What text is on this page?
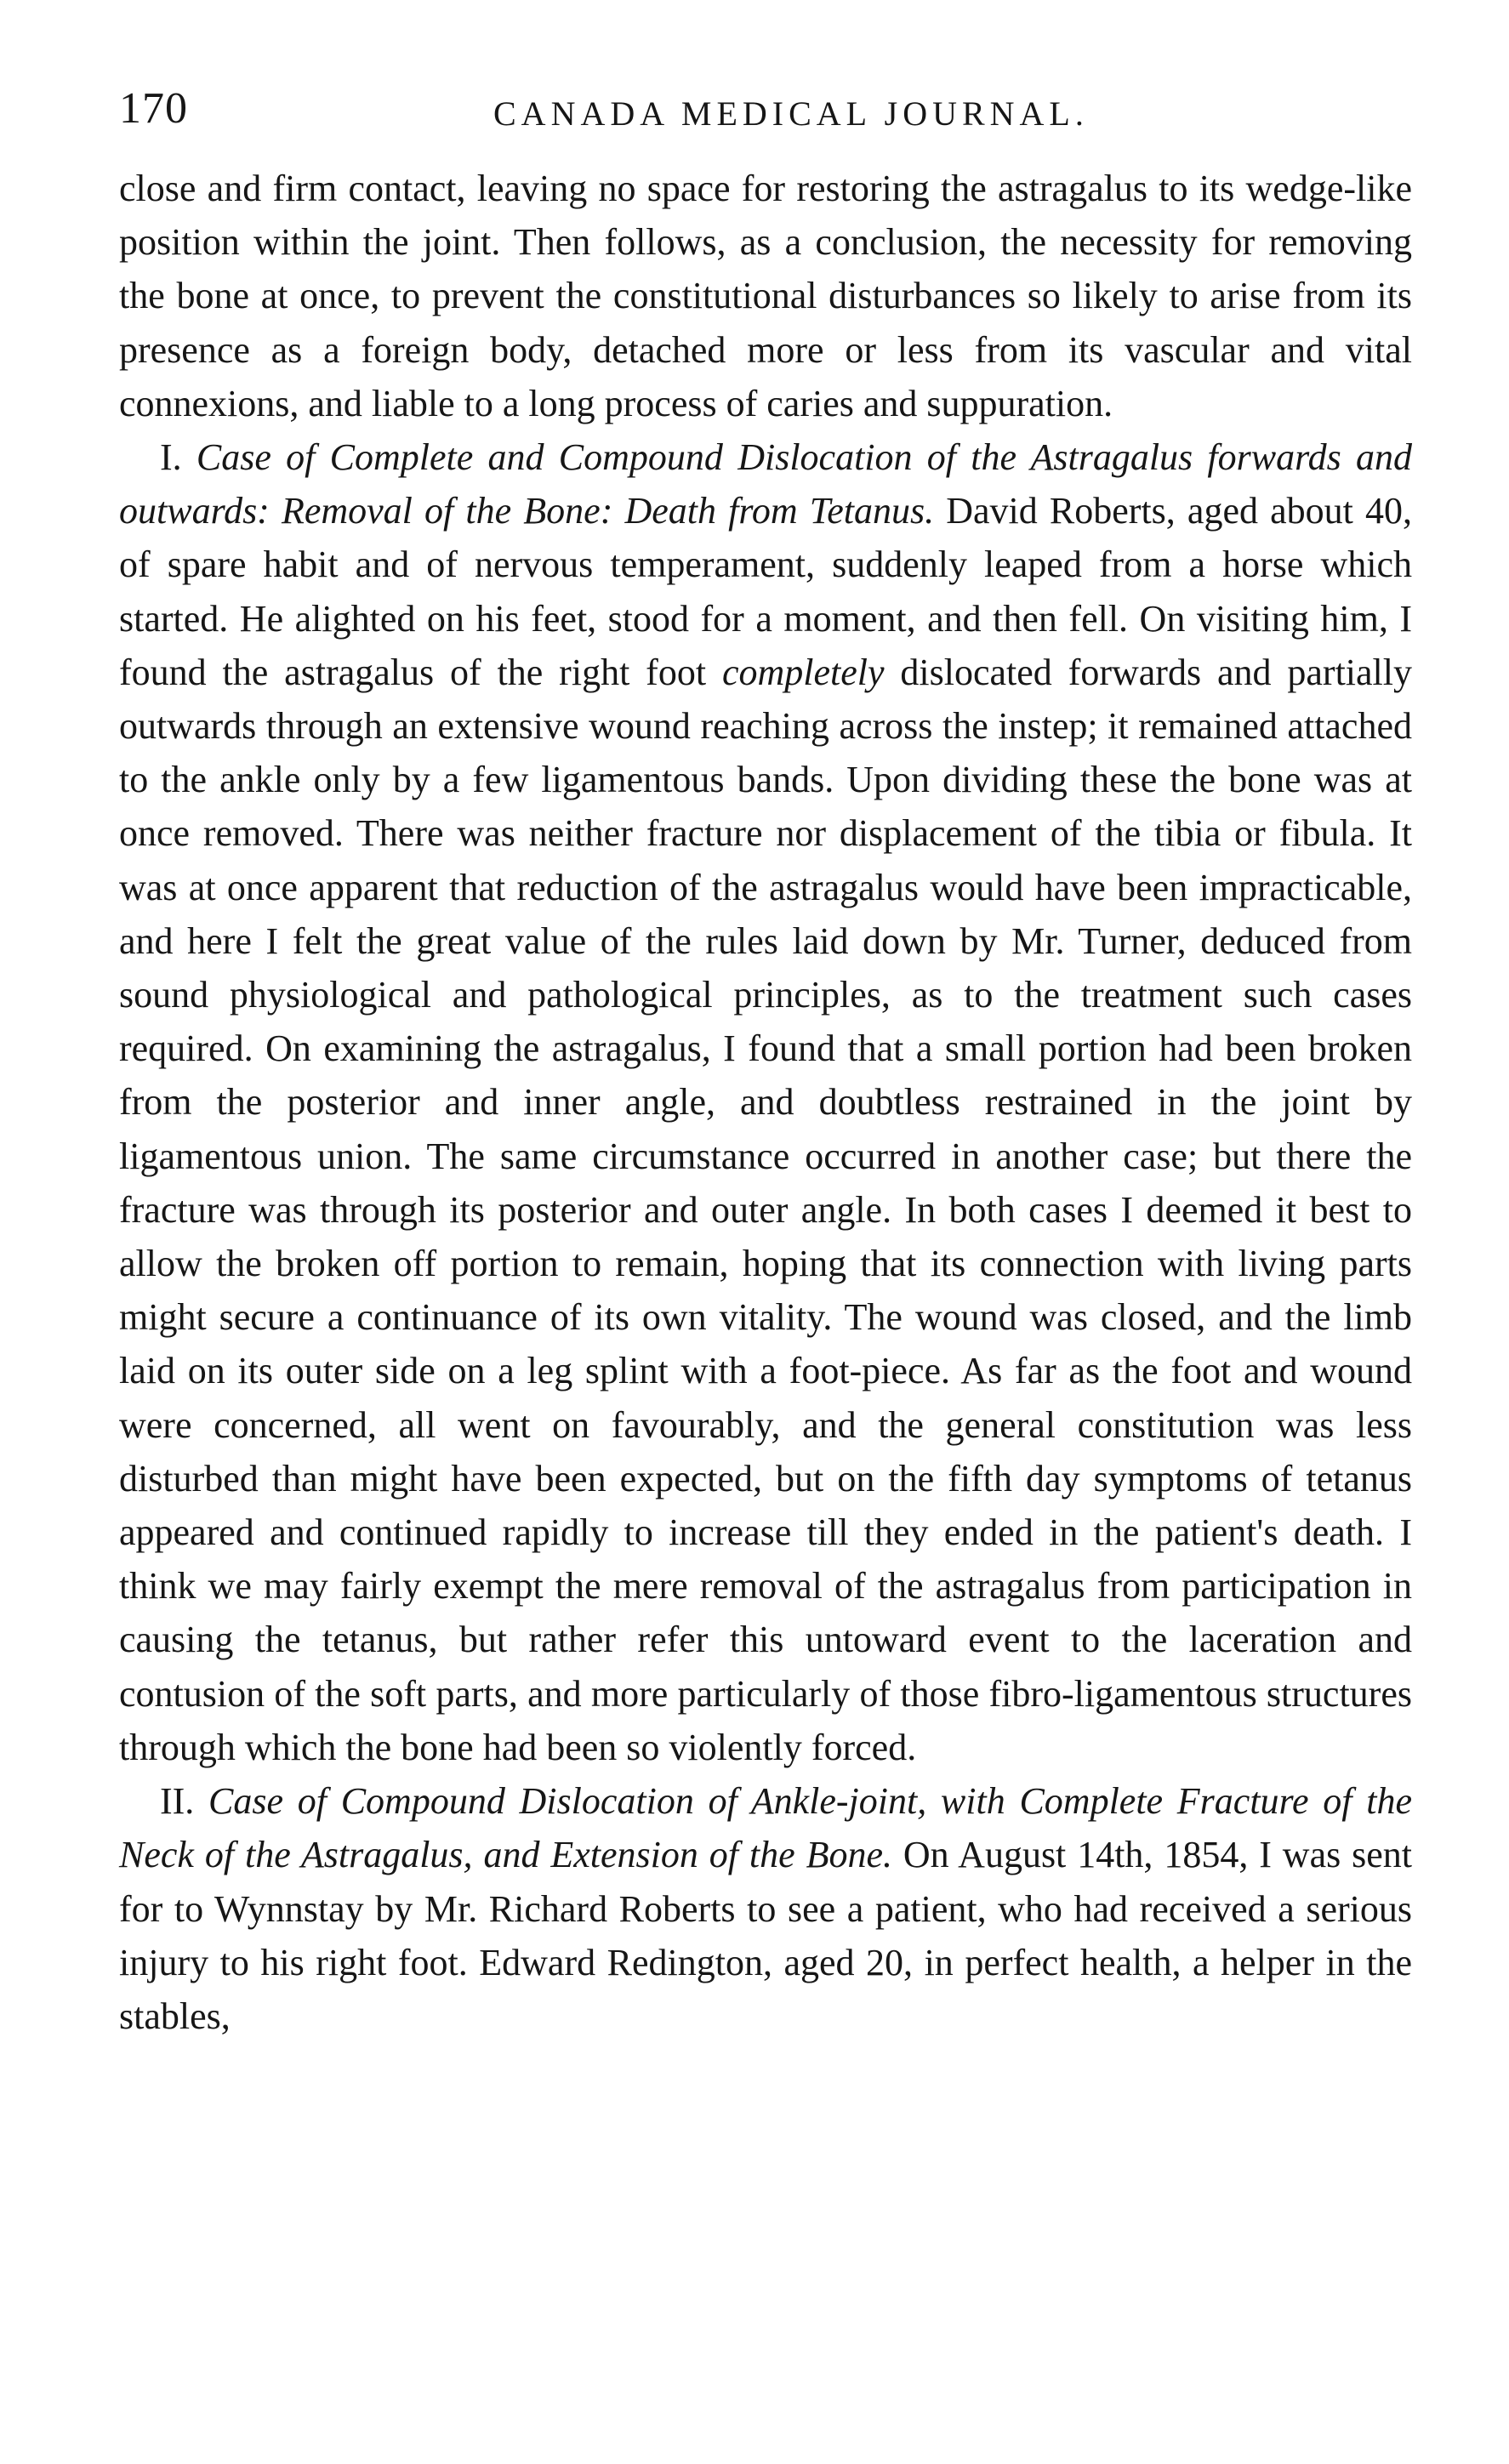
170	CANADA MEDICAL JOURNAL.

close and firm contact, leaving no space for restoring the astragalus to its wedge-like position within the joint. Then follows, as a conclusion, the necessity for removing the bone at once, to prevent the constitutional disturbances so likely to arise from its presence as a foreign body, detached more or less from its vascular and vital connexions, and liable to a long process of caries and suppuration.

I. Case of Complete and Compound Dislocation of the Astragalus forwards and outwards: Removal of the Bone: Death from Tetanus. David Roberts, aged about 40, of spare habit and of nervous temperament, suddenly leaped from a horse which started. He alighted on his feet, stood for a moment, and then fell. On visiting him, I found the astragalus of the right foot completely dislocated forwards and partially outwards through an extensive wound reaching across the instep; it remained attached to the ankle only by a few ligamentous bands. Upon dividing these the bone was at once removed. There was neither fracture nor displacement of the tibia or fibula. It was at once apparent that reduction of the astragalus would have been impracticable, and here I felt the great value of the rules laid down by Mr. Turner, deduced from sound physiological and pathological principles, as to the treatment such cases required. On examining the astragalus, I found that a small portion had been broken from the posterior and inner angle, and doubtless restrained in the joint by ligamentous union. The same circumstance occurred in another case; but there the fracture was through its posterior and outer angle. In both cases I deemed it best to allow the broken off portion to remain, hoping that its connection with living parts might secure a continuance of its own vitality. The wound was closed, and the limb laid on its outer side on a leg splint with a foot-piece. As far as the foot and wound were concerned, all went on favourably, and the general constitution was less disturbed than might have been expected, but on the fifth day symptoms of tetanus appeared and continued rapidly to increase till they ended in the patient's death. I think we may fairly exempt the mere removal of the astragalus from participation in causing the tetanus, but rather refer this untoward event to the laceration and contusion of the soft parts, and more particularly of those fibro-ligamentous structures through which the bone had been so violently forced.

II. Case of Compound Dislocation of Ankle-joint, with Complete Fracture of the Neck of the Astragalus, and Extension of the Bone. On August 14th, 1854, I was sent for to Wynnstay by Mr. Richard Roberts to see a patient, who had received a serious injury to his right foot. Edward Redington, aged 20, in perfect health, a helper in the stables,
